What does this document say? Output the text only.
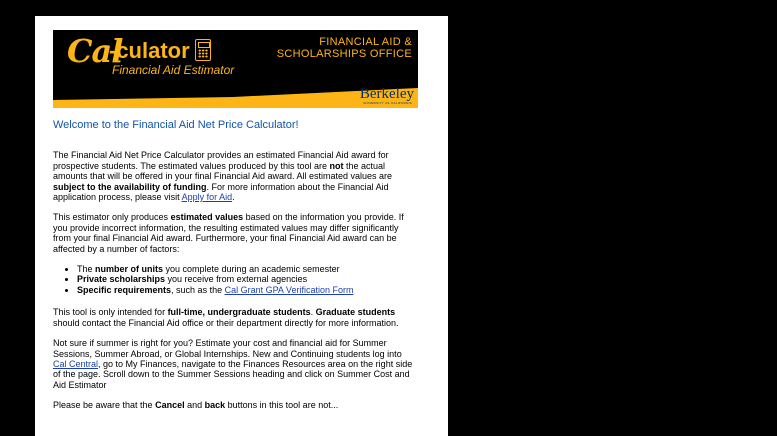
Cal
-culator
Financial Aid Estimator
FINANCIAL AID &
SCHOLARSHIPS OFFICE
Berkeley
UNIVERSITY OF CALIFORNIA
Welcome to the Financial Aid Net Price Calculator!

The Financial Aid Net Price Calculator provides an estimated Financial Aid award for prospective students. The estimated values produced by this tool are not the actual amounts that will be offered in your final Financial Aid award. All estimated values are subject to the availability of funding. For more information about the Financial Aid application process, please visit Apply for Aid.

This estimator only produces estimated values based on the information you provide. If you provide incorrect information, the resulting estimated values may differ significantly from your final Financial Aid award. Furthermore, your final Financial Aid award can be affected by a number of factors:

• The number of units you complete during an academic semester
• Private scholarships you receive from external agencies
• Specific requirements, such as the Cal Grant GPA Verification Form

This tool is only intended for full-time, undergraduate students. Graduate students should contact the Financial Aid office or their department directly for more information.

Not sure if summer is right for you? Estimate your cost and financial aid for Summer Sessions, Summer Abroad, or Global Internships. New and Continuing students log into Cal Central, go to My Finances, navigate to the Finances Resources area on the right side of the page. Scroll down to the Summer Sessions heading and click on Summer Cost and Aid Estimator

Please be aware that the Cancel and back buttons in this tool are not...
